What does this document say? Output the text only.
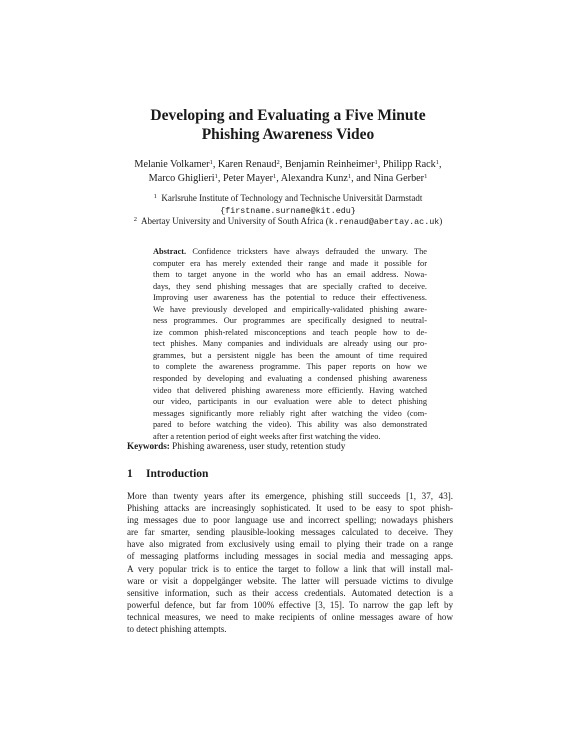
Developing and Evaluating a Five Minute
Phishing Awareness Video
Melanie Volkamer$^1$, Karen Renaud$^2$, Benjamin Reinheimer$^1$, Philipp Rack$^1$,
Marco Ghiglieri$^1$, Peter Mayer$^1$, Alexandra Kunz$^1$, and Nina Gerber$^1$
$^1$ Karlsruhe Institute of Technology and Technische Universität Darmstadt
{firstname.surname@kit.edu}
$^2$ Abertay University and University of South Africa (k.renaud@abertay.ac.uk)
Abstract. Confidence tricksters have always defrauded the unwary. The
computer era has merely extended their range and made it possible for
them to target anyone in the world who has an email address. Nowa-
days, they send phishing messages that are specially crafted to deceive.
Improving user awareness has the potential to reduce their effectiveness.
We have previously developed and empirically-validated phishing aware-
ness programmes. Our programmes are specifically designed to neutral-
ize common phish-related misconceptions and teach people how to de-
tect phishes. Many companies and individuals are already using our pro-
grammes, but a persistent niggle has been the amount of time required
to complete the awareness programme. This paper reports on how we
responded by developing and evaluating a condensed phishing awareness
video that delivered phishing awareness more efficiently. Having watched
our video, participants in our evaluation were able to detect phishing
messages significantly more reliably right after watching the video (com-
pared to before watching the video). This ability was also demonstrated
after a retention period of eight weeks after first watching the video.
Keywords: Phishing awareness, user study, retention study
1 Introduction
More than twenty years after its emergence, phishing still succeeds [1, 37, 43].
Phishing attacks are increasingly sophisticated. It used to be easy to spot phish-
ing messages due to poor language use and incorrect spelling; nowadays phishers
are far smarter, sending plausible-looking messages calculated to deceive. They
have also migrated from exclusively using email to plying their trade on a range
of messaging platforms including messages in social media and messaging apps.
A very popular trick is to entice the target to follow a link that will install mal-
ware or visit a doppelgänger website. The latter will persuade victims to divulge
sensitive information, such as their access credentials. Automated detection is a
powerful defence, but far from 100% effective [3, 15]. To narrow the gap left by
technical measures, we need to make recipients of online messages aware of how
to detect phishing attempts.
